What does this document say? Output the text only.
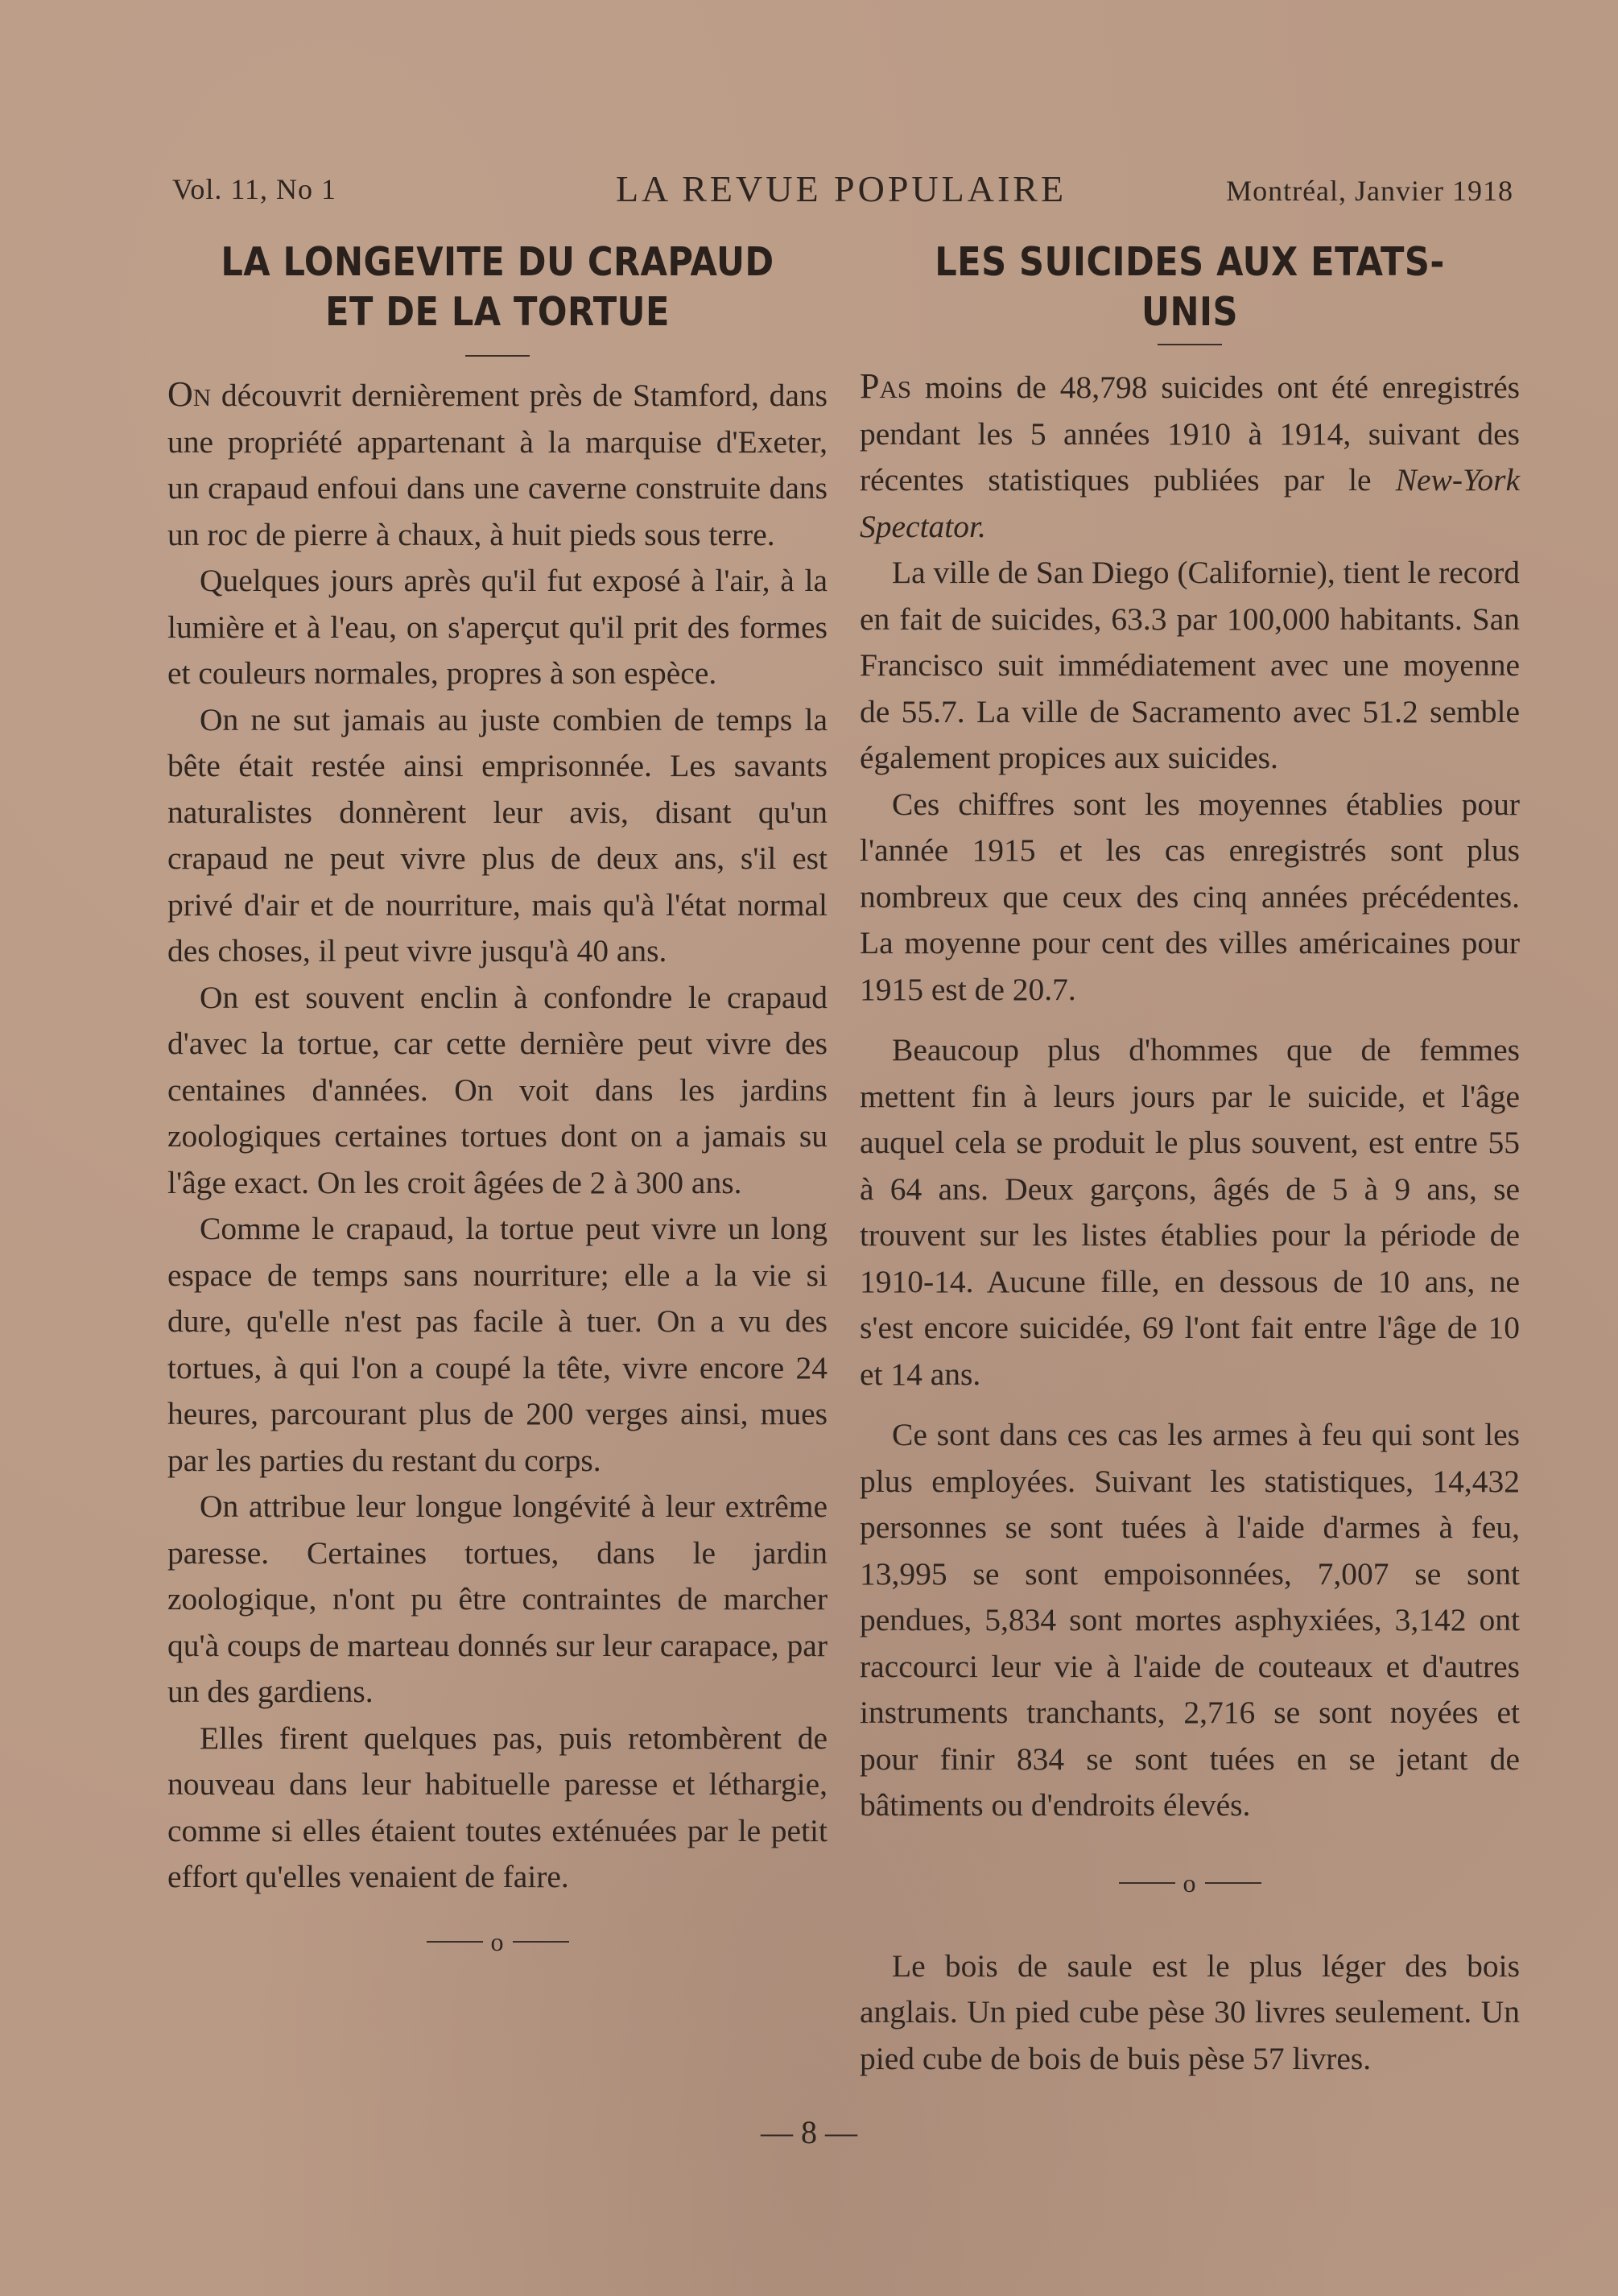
Vol. 11, No 1	LA REVUE POPULAIRE	Montréal, Janvier 1918
LA LONGEVITE DU CRAPAUD ET DE LA TORTUE

On découvrit dernièrement près de Stamford, dans une propriété appartenant à la marquise d'Exeter, un crapaud enfoui dans une caverne construite dans un roc de pierre à chaux, à huit pieds sous terre.

Quelques jours après qu'il fut exposé à l'air, à la lumière et à l'eau, on s'aperçut qu'il prit des formes et couleurs normales, propres à son espèce.

On ne sut jamais au juste combien de temps la bête était restée ainsi emprisonnée. Les savants naturalistes donnèrent leur avis, disant qu'un crapaud ne peut vivre plus de deux ans, s'il est privé d'air et de nourriture, mais qu'à l'état normal des choses, il peut vivre jusqu'à 40 ans.

On est souvent enclin à confondre le crapaud d'avec la tortue, car cette dernière peut vivre des centaines d'années. On voit dans les jardins zoologiques certaines tortues dont on a jamais su l'âge exact. On les croit âgées de 2 à 300 ans.

Comme le crapaud, la tortue peut vivre un long espace de temps sans nourriture; elle a la vie si dure, qu'elle n'est pas facile à tuer. On a vu des tortues, à qui l'on a coupé la tête, vivre encore 24 heures, parcourant plus de 200 verges ainsi, mues par les parties du restant du corps.

On attribue leur longue longévité à leur extrême paresse. Certaines tortues, dans le jardin zoologique, n'ont pu être contraintes de marcher qu'à coups de marteau donnés sur leur carapace, par un des gardiens.

Elles firent quelques pas, puis retombèrent de nouveau dans leur habituelle paresse et léthargie, comme si elles étaient toutes exténuées par le petit effort qu'elles venaient de faire.

o
LES SUICIDES AUX ETATS-UNIS

Pas moins de 48,798 suicides ont été enregistrés pendant les 5 années 1910 à 1914, suivant des récentes statistiques publiées par le New-York Spectator.

La ville de San Diego (Californie), tient le record en fait de suicides, 63.3 par 100,000 habitants. San Francisco suit immédiatement avec une moyenne de 55.7. La ville de Sacramento avec 51.2 semble également propices aux suicides.

Ces chiffres sont les moyennes établies pour l'année 1915 et les cas enregistrés sont plus nombreux que ceux des cinq années précédentes. La moyenne pour cent des villes américaines pour 1915 est de 20.7.

Beaucoup plus d'hommes que de femmes mettent fin à leurs jours par le suicide, et l'âge auquel cela se produit le plus souvent, est entre 55 à 64 ans. Deux garçons, âgés de 5 à 9 ans, se trouvent sur les listes établies pour la période de 1910-14. Aucune fille, en dessous de 10 ans, ne s'est encore suicidée, 69 l'ont fait entre l'âge de 10 et 14 ans.

Ce sont dans ces cas les armes à feu qui sont les plus employées. Suivant les statistiques, 14,432 personnes se sont tuées à l'aide d'armes à feu, 13,995 se sont empoisonnées, 7,007 se sont pendues, 5,834 sont mortes asphyxiées, 3,142 ont raccourci leur vie à l'aide de couteaux et d'autres instruments tranchants, 2,716 se sont noyées et pour finir 834 se sont tuées en se jetant de bâtiments ou d'endroits élevés.

o

Le bois de saule est le plus léger des bois anglais. Un pied cube pèse 30 livres seulement. Un pied cube de bois de buis pèse 57 livres.

— 8 —
